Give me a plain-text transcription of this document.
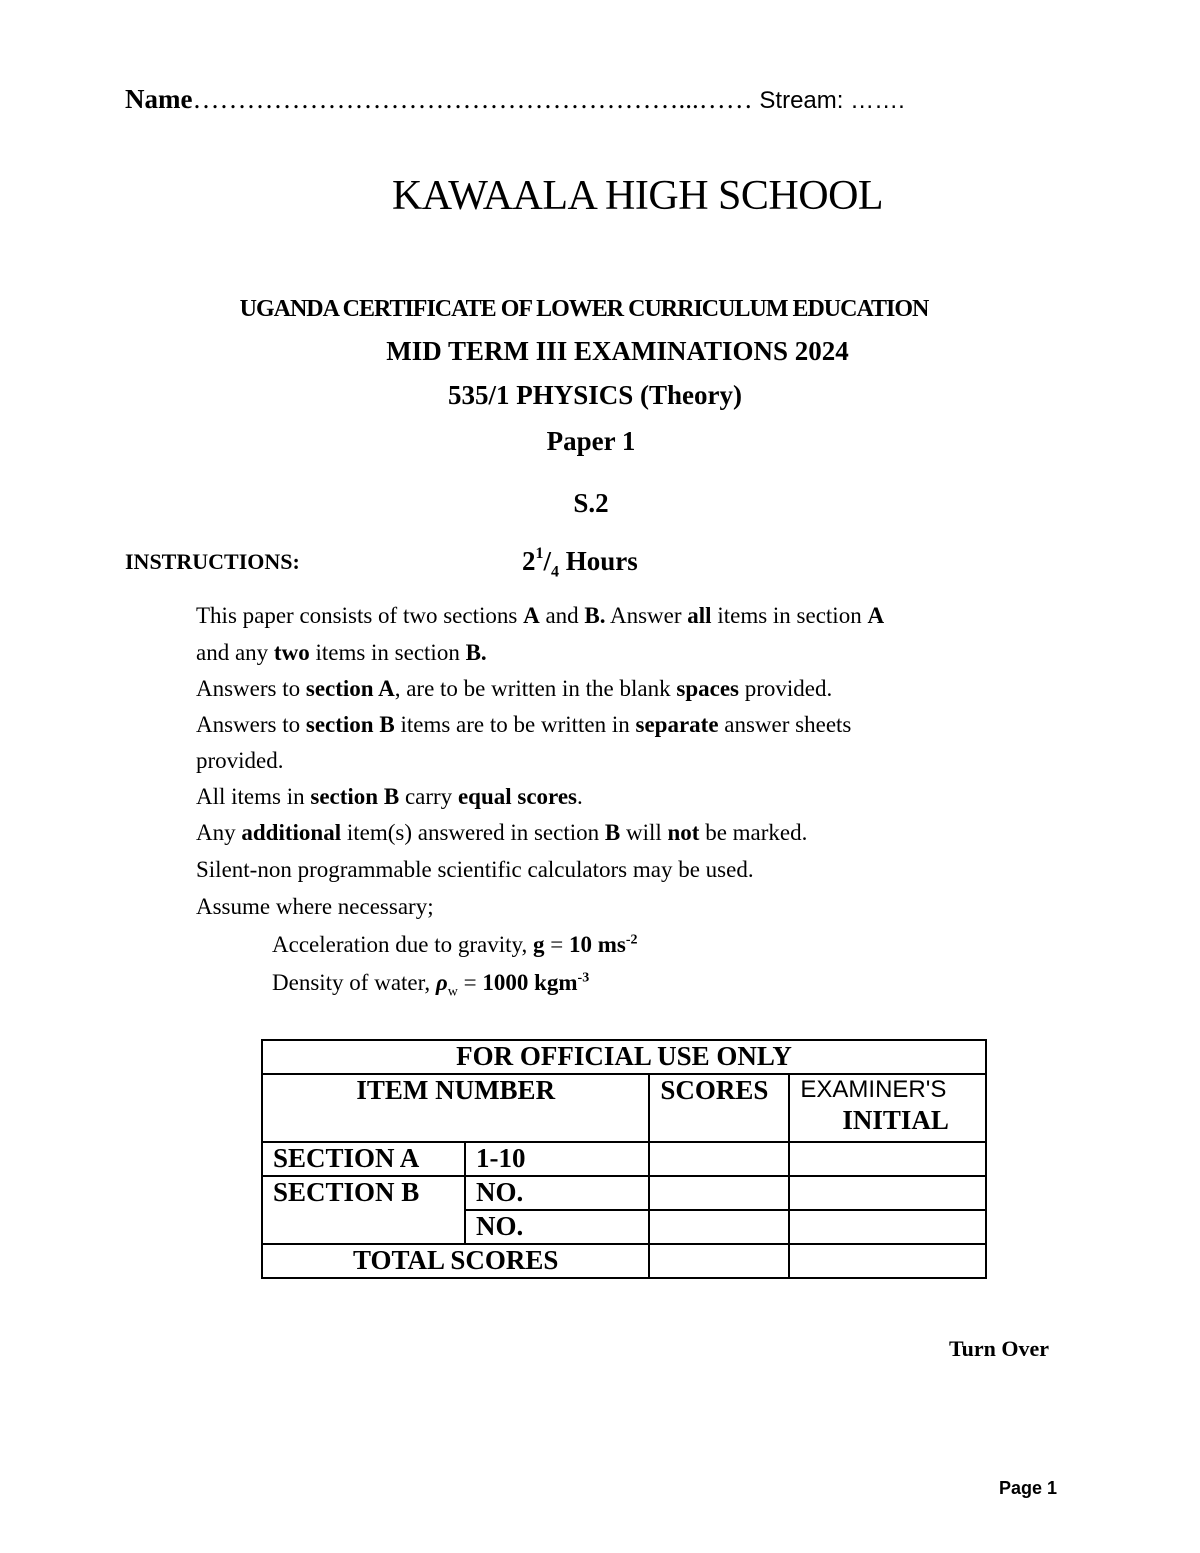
Name………………………………………………...…… Stream: …….
KAWAALA HIGH SCHOOL
UGANDA CERTIFICATE OF LOWER CURRICULUM EDUCATION
MID TERM III EXAMINATIONS 2024
535/1 PHYSICS (Theory)
Paper 1
S.2
INSTRUCTIONS:	$2^1/_4$ Hours
This paper consists of two sections A and B. Answer all items in section A
and any two items in section B.
Answers to section A, are to be written in the blank spaces provided.
Answers to section B items are to be written in separate answer sheets
provided.
All items in section B carry equal scores.
Any additional item(s) answered in section B will not be marked.
Silent-non programmable scientific calculators may be used.
Assume where necessary;
Acceleration due to gravity, g = 10 $ms^{-2}$
Density of water, $\rho_w = 1000$ kgm$^{-3}$
FOR OFFICIAL USE ONLY			
ITEM NUMBER		SCORES	EXAMINER'S
INITIAL

SECTION A	1-10		
SECTION B	NO.		
	NO.		
TOTAL SCORES			
Turn Over
Page 1
